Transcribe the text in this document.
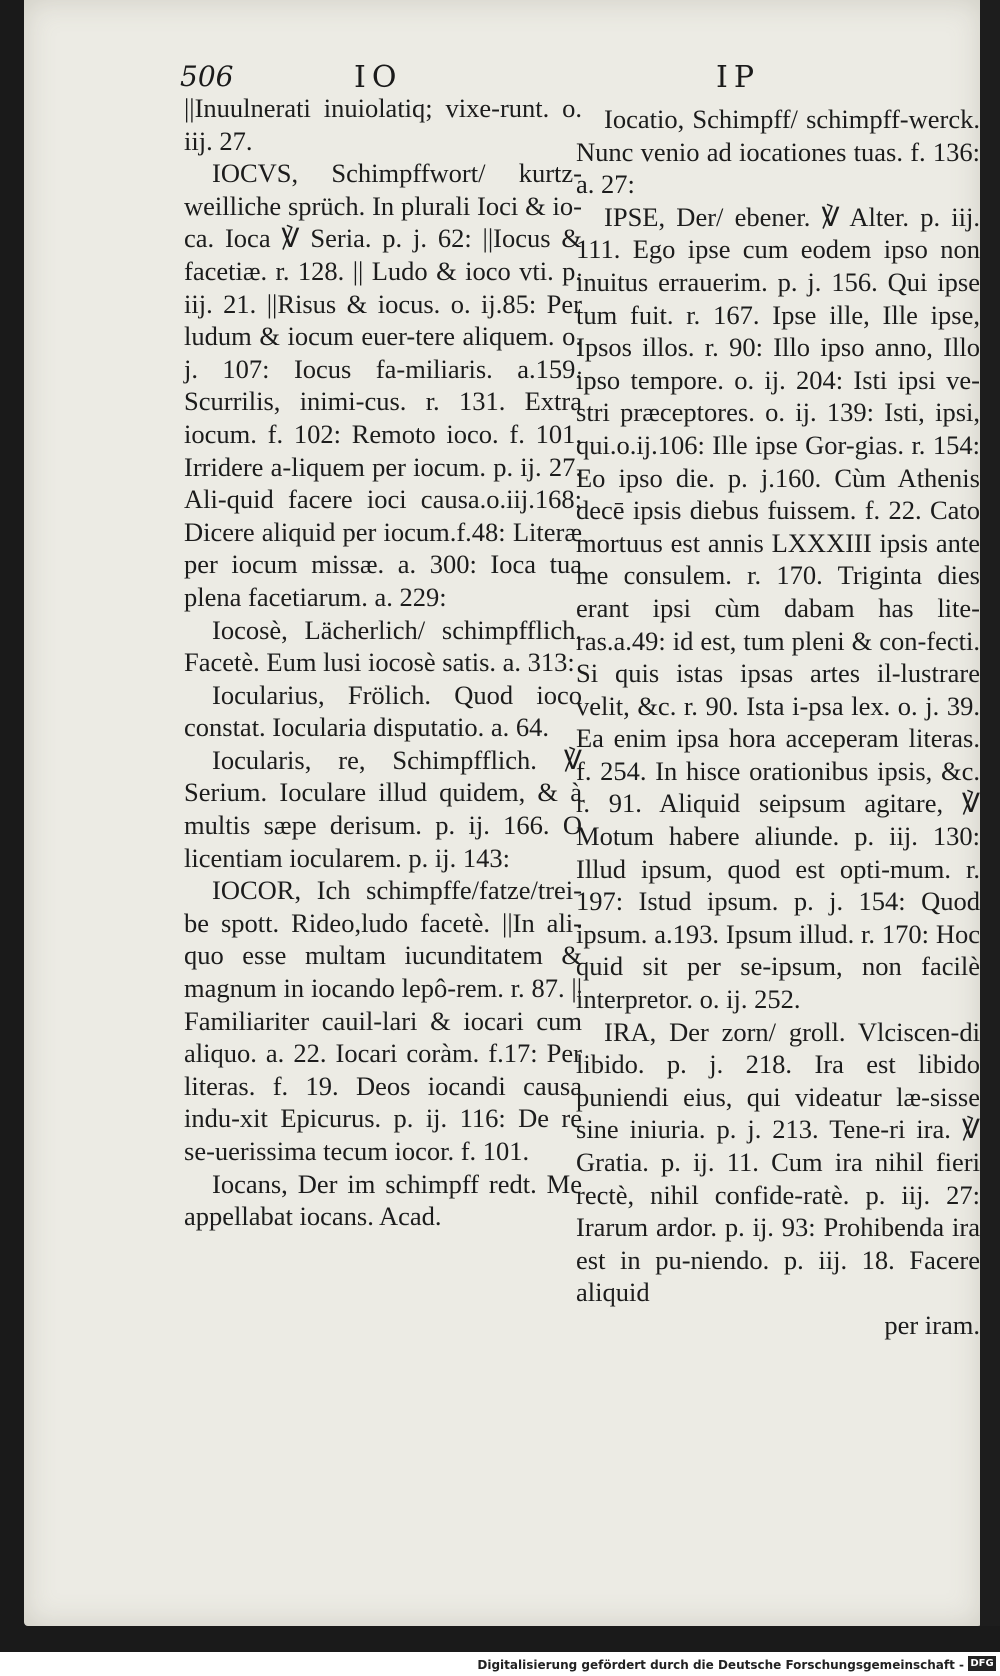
506	IO	IP

||Inuulnerati inuiolatiq; vixe-runt. o. iij. 27.

IOCVS, Schimpffwort/ kurtz-weilliche sprüch. In plurali Ioci & io-ca. Ioca ℣ Seria. p. j. 62: ||Iocus & facetiæ. r. 128. || Ludo & ioco vti. p. iij. 21. ||Risus & iocus. o. ij.85: Per ludum & iocum euer-tere aliquem. o. j. 107: Iocus fa-miliaris. a.159. Scurrilis, inimi-cus. r. 131. Extra iocum. f. 102: Remoto ioco. f. 101. Irridere a-liquem per iocum. p. ij. 27. Ali-quid facere ioci causa.o.iij.168: Dicere aliquid per iocum.f.48: Literæ per iocum missæ. a. 300: Ioca tua plena facetiarum. a. 229:

Iocosè, Lächerlich/ schimpfflich. Facetè. Eum lusi iocosè satis. a. 313:

Iocularius, Frölich. Quod ioco constat. Iocularia disputatio. a. 64.

Iocularis, re, Schimpfflich. ℣ Serium. Ioculare illud quidem, & à multis sæpe derisum. p. ij. 166. O licentiam iocularem. p. ij. 143:

IOCOR, Ich schimpffe/fatze/trei-be spott. Rideo,ludo facetè. ||In ali-quo esse multam iucunditatem & magnum in iocando lepô-rem. r. 87. || Familiariter cauil-lari & iocari cum aliquo. a. 22. Iocari coràm. f.17: Per literas. f. 19. Deos iocandi causa indu-xit Epicurus. p. ij. 116: De re se-uerissima tecum iocor. f. 101.

Iocans, Der im schimpff redt. Me appellabat iocans. Acad.

Iocatio, Schimpff/ schimpff-werck. Nunc venio ad iocationes tuas. f. 136: a. 27:

IPSE, Der/ ebener. ℣ Alter. p. iij. 111. Ego ipse cum eodem ipso non inuitus errauerim. p. j. 156. Qui ipse tum fuit. r. 167. Ipse ille, Ille ipse, Ipsos illos. r. 90: Illo ipso anno, Illo ipso tempore. o. ij. 204: Isti ipsi ve-stri præceptores. o. ij. 139: Isti, ipsi, qui.o.ij.106: Ille ipse Gor-gias. r. 154: Eo ipso die. p. j.160. Cùm Athenis decē ipsis diebus fuissem. f. 22. Cato mortuus est annis LXXXIII ipsis ante me consulem. r. 170. Triginta dies erant ipsi cùm dabam has lite-ras.a.49: id est, tum pleni & con-fecti. Si quis istas ipsas artes il-lustrare velit, &c. r. 90. Ista i-psa lex. o. j. 39. Ea enim ipsa hora acceperam literas. f. 254. In hisce orationibus ipsis, &c. r. 91. Aliquid seipsum agitare, ℣ Motum habere aliunde. p. iij. 130: Illud ipsum, quod est opti-mum. r. 197: Istud ipsum. p. j. 154: Quod ipsum. a.193. Ipsum illud. r. 170: Hoc quid sit per se-ipsum, non facilè interpretor. o. ij. 252.

IRA, Der zorn/ groll. Vlciscen-di libido. p. j. 218. Ira est libido puniendi eius, qui videatur læ-sisse sine iniuria. p. j. 213. Tene-ri ira. ℣ Gratia. p. ij. 11. Cum ira nihil fieri rectè, nihil confide-ratè. p. iij. 27: Irarum ardor. p. ij. 93: Prohibenda ira est in pu-niendo. p. iij. 18. Facere aliquid

per iram.

Digitalisierung gefördert durch die Deutsche Forschungsgemeinschaft - DFG
